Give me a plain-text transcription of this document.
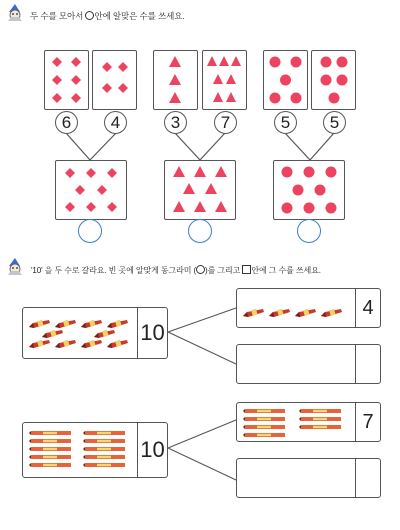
두 수를 모아서 안에 알맞은 수를 쓰세요.
6	4	3	7	5	5
'10' 을 두 수로 갈라요. 빈 곳에 알맞게 동그라미 ( )를 그리고 안에 그 수를 쓰세요.
10
4
10
7
